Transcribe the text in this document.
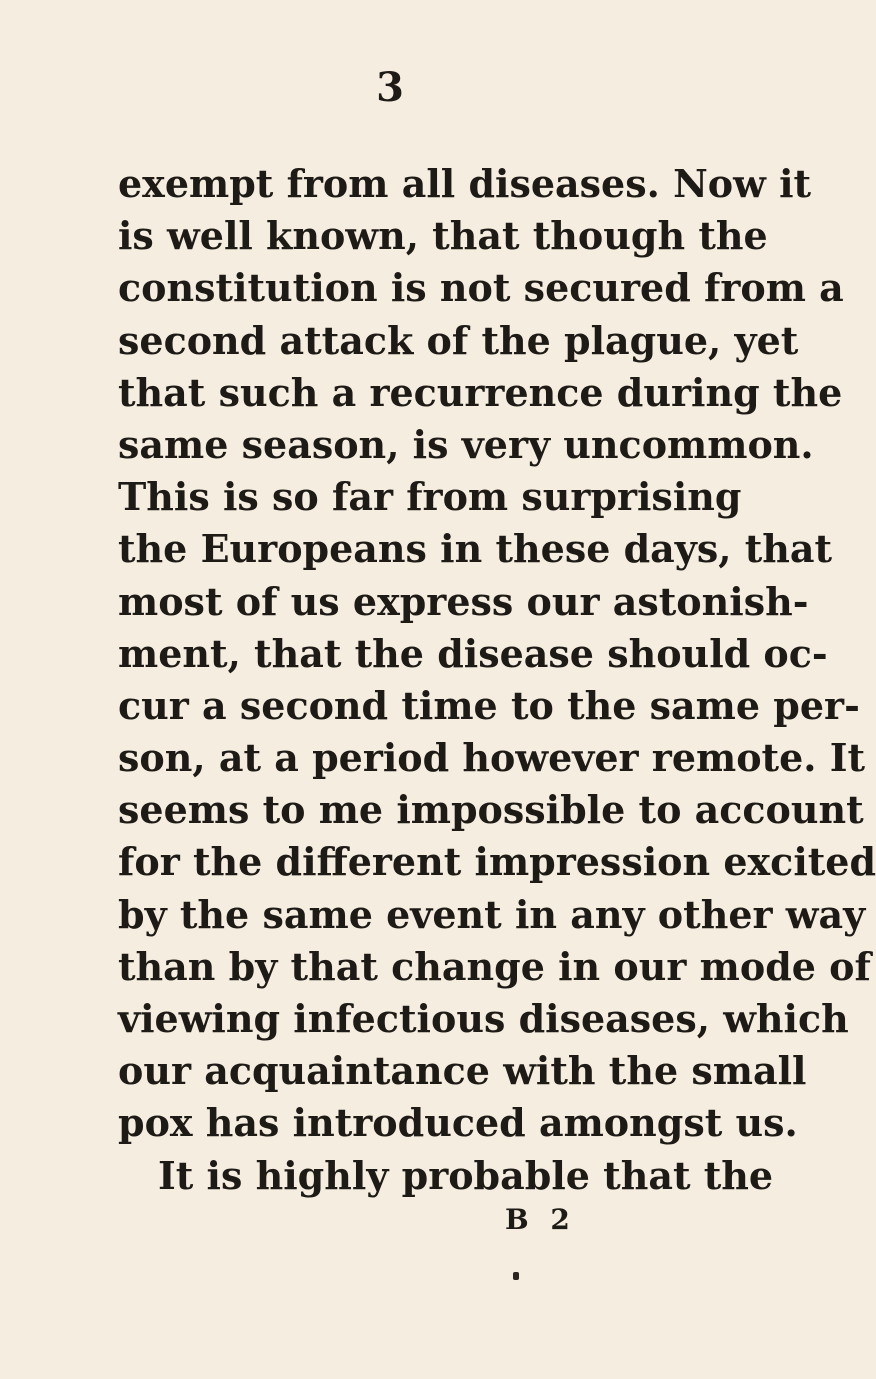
3
exempt from all diseases. Now it
is well known, that though the
constitution is not secured from a
second attack of the plague, yet
that such a recurrence during the
same season, is very uncommon.
This is so far from surprising
the Europeans in these days, that
most of us express our astonish-
ment, that the disease should oc-
cur a second time to the same per-
son, at a period however remote. It
seems to me impossible to account
for the different impression excited
by the same event in any other way
than by that change in our mode of
viewing infectious diseases, which
our acquaintance with the small
pox has introduced amongst us.
It is highly probable that the
B 2
